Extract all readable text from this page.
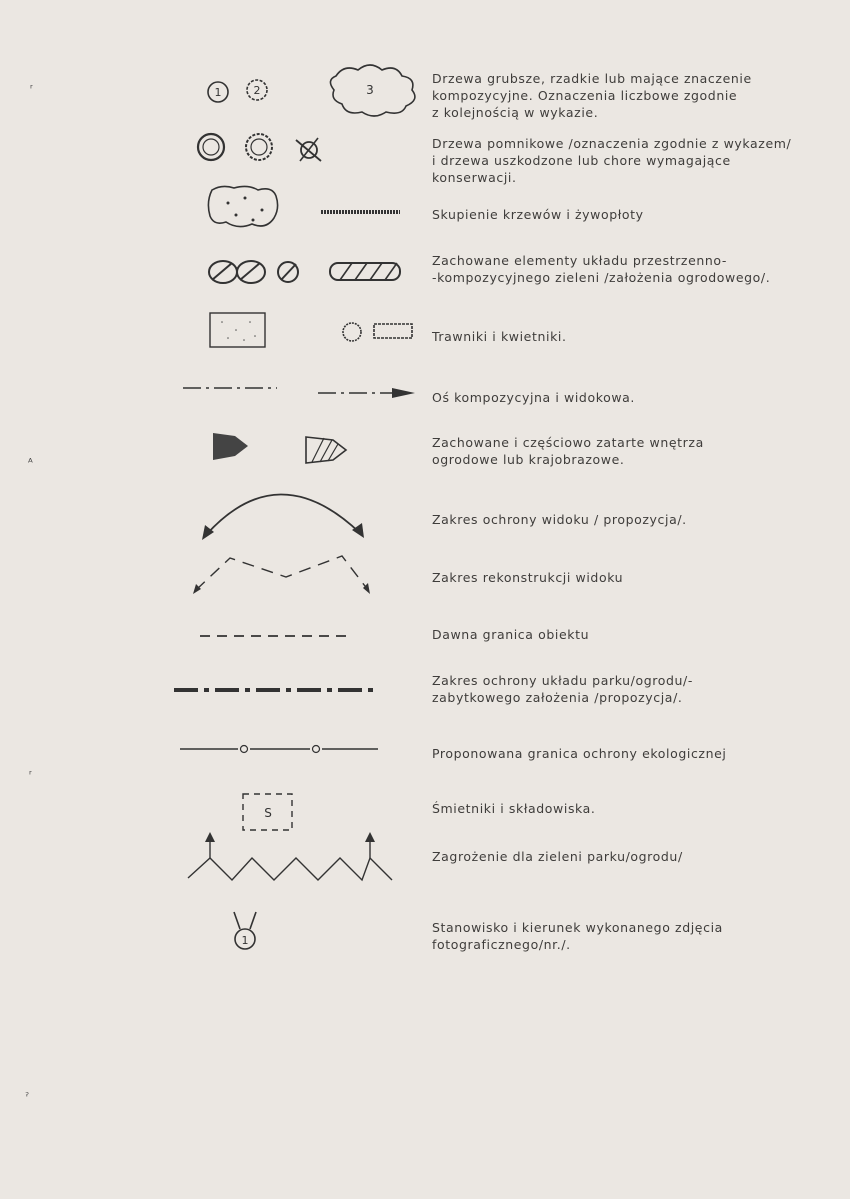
1	2	3
S
1
Drzewa grubsze, rzadkie lub mające znaczenie
kompozycyjne. Oznaczenia liczbowe zgodnie
z kolejnością w wykazie.
Drzewa pomnikowe /oznaczenia zgodnie z wykazem/
i drzewa uszkodzone lub chore wymagające
konserwacji.
Skupienie krzewów i żywopłoty
Zachowane elementy układu przestrzenno-
-kompozycyjnego zieleni /założenia ogrodowego/.
Trawniki i kwietniki.
Oś kompozycyjna i widokowa.
Zachowane i częściowo zatarte wnętrza
ogrodowe lub krajobrazowe.
Zakres ochrony widoku / propozycja/.
Zakres rekonstrukcji widoku
Dawna granica obiektu
Zakres ochrony układu parku/ogrodu/-
zabytkowego założenia /propozycja/.
Proponowana granica ochrony ekologicznej
Śmietniki i składowiska.
Zagrożenie dla zieleni parku/ogrodu/
Stanowisko i kierunek wykonanego zdjęcia
fotograficznego/nr./.
ʳ
ᴬ
ʳ
ˀ
